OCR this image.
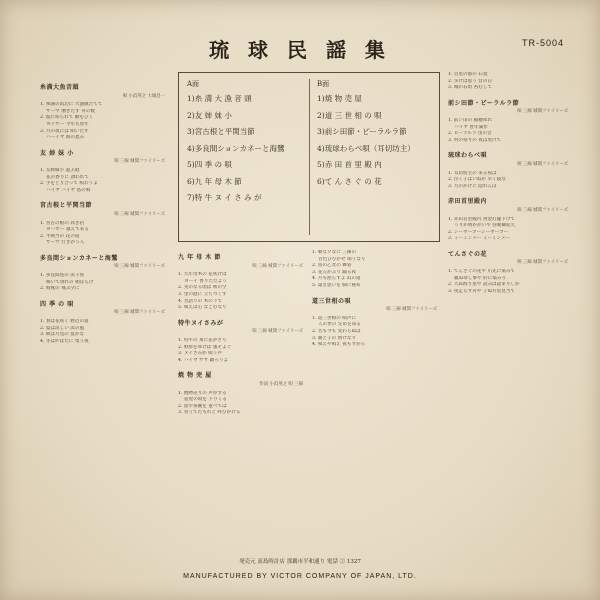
琉 球 民 謡 集	TR-5004
A面
1)糸 満 大 漁 音 頭
2)友 姉 妹 小
3)宮古根と平関当節
4)多良間ションカネーと海鷺
5)四 季 の 唄
6)九 年 母 木 節
7)特 牛 ヌ イ さ み が
B面
1)焼 物 売 屋
2)道 三 世 相 の 唄
3)前シ田節・ピーラルラ節
4)琉球わらべ唄（耳切坊主）
5)赤 田 首 里 殿 内
6)て ん さ ぐ の 花
糸満大魚音頭
唄 小浜英之 大城昌一
1. 糸満の浜辺に 大漁旗たてて
　 サーサ 漕ぎだす 舟の数
2. 波にゆられて 網をひく
　 ヨイサー 今年も豊年
3. 月の夜には 唄いだす
　 ハーイヤ 海の恵み
友 姉 妹 小
唄 三線 城間ファイリーズ
1. 友姉妹小 遊ぶ庭
　 花の香りに 誘われて
2. 手をとり合って 唄おうよ
　 ハイヤ ハイヤ 島の唄
宮古根と平関当節
唄 三線 城間ファイリーズ
1. 宮古の根の 高き岩
　 ヨーホー 越えて来る
2. 平関当の 花の道
　 サーサ 行きかう人
多良間ションカネーと海鷺
唄 三線 城間ファイリーズ
1. 多良間島の 浜千鳥
　 鳴いて別れの 朝ぼらけ
2. 海鷺の 飛ぶ空に
四 季 の 唄
唄 三線 城間ファイリーズ
1. 春は花咲く 野辺の道
2. 夏は涼しい 浜の風
3. 秋は月見の 宴かな
4. 冬は炉ばたに 集う夜
九 年 母 木 節
唄 三線 城間ファイリーズ
1. 九年母木の 花咲けば
　 ヨーイ 香りただよう
2. 実のなる頃は 秋の空
3. 里の庭に 立ちつくす
4. 昔語りの 木の下で
5. 唄えば心 なごむなり
特牛ヌイさみが
唄 三線 城間ファイリーズ
1. 特牛の 角に花かざり
2. 野原をゆけば 風そよぐ
3. ヌイさみが 唄う声
4. ハイヤ ササ 踊ろうよ
焼 物 売 屋
作詞 小浜英之 唄 三線
1. 焼物売りの 声がする
　 壺屋の坂を 下りくる
2. 皿や茶碗を 並べては
3. 買うてたもれと 呼びかける
1. 朝な夕なに 三線の
　 音色ひびかせ 唄うなり
2. 島の乙女の 舞姿
3. 花笠かぶり 踊る夜
4. 月も照らすよ 浜の道
5. 遠き思いを 胸に秘め
道三世相の唄
唄 三線 城間ファイリーズ
1. 道三世相の 唄声に
　 人の世の 定めを知る
2. 昔も今も 変わらぬは
3. 親と子の 情けなり
4. 唄えや唄え 夜もすがら
1. 首里の都の 石畳
2. 歩けば思う 昔の日
3. 城の石垣 苔むして
前シ田節・ピーラルラ節
唄 三線 城間ファイリーズ
1. 前シ田の 稲穂ゆれ
　 ハイヤ 豊年満作
2. ピーラルラ 笛の音
3. 村の祭りの 夜は更けて
琉球わらべ唄
唄 三線 城間ファイリーズ
1. 耳切坊主の 来る夜は
2. 泣く子はいねが 早く寝な
3. 月のかげに 隠れんぼ
赤田首里殿内
唄 三線 城間ファイリーズ
1. 赤田首里殿内 黄金灯籠下げて
　 うりが明かがいや 弥勒御迎え
2. シーヤープーシーヤープー
3. ミーミンメー ミーミンメー
てんさぐの花
唄 三線 城間ファイリーズ
1. てんさぐの花や 爪先に染みて
　 親ぬゆし事や 肝に染みり
2. 天ぬ群り星や 読みば読まりしが
3. 夜走らす舟や 子ぬ方星見当て
発売元 髙島時計店 那覇市平和通り 電話 ② 1327
MANUFACTURED BY VICTOR COMPANY OF JAPAN, LTD.
